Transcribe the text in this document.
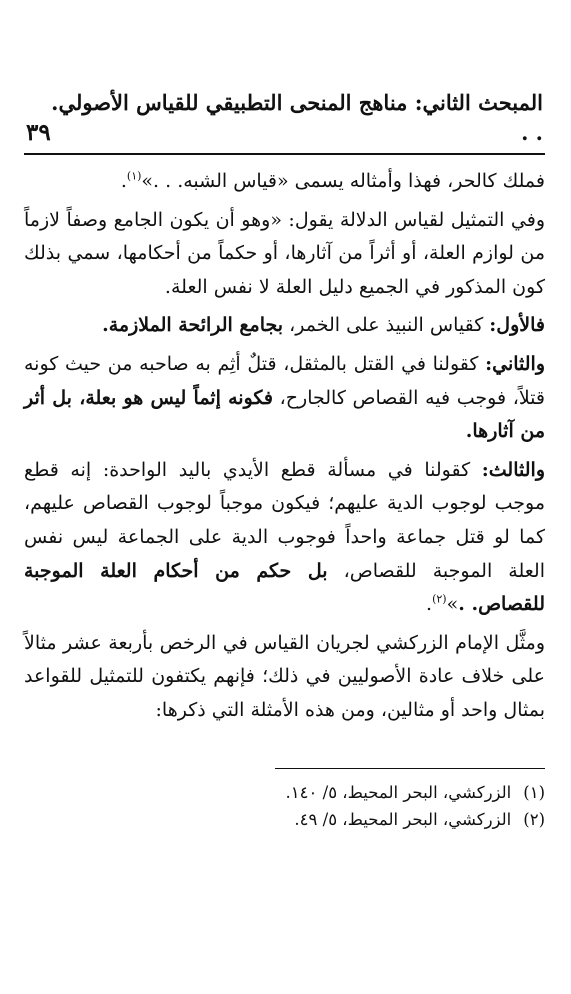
المبحث الثاني: مناهج المنحى التطبيقي للقياس الأصولي. . .
٣٩

فملك كالحر، فهذا وأمثاله يسمى «قياس الشبه. . .»$^{(١)}$.

وفي التمثيل لقياس الدلالة يقول: «وهو أن يكون الجامع وصفاً لازماً من لوازم العلة، أو أثراً من آثارها، أو حكماً من أحكامها، سمي بذلك كون المذكور في الجميع دليل العلة لا نفس العلة.

فالأول: كقياس النبيذ على الخمر، بجامع الرائحة الملازمة.

والثاني: كقولنا في القتل بالمثقل، قتلٌ أثِم به صاحبه من حيث كونه قتلاً، فوجب فيه القصاص كالجارح، فكونه إثماً ليس هو بعلة، بل أثر من آثارها.

والثالث: كقولنا في مسألة قطع الأيدي باليد الواحدة: إنه قطع موجب لوجوب الدية عليهم؛ فيكون موجباً لوجوب القصاص عليهم، كما لو قتل جماعة واحداً فوجوب الدية على الجماعة ليس نفس العلة الموجبة للقصاص، بل حكم من أحكام العلة الموجبة للقصاص. .»$^{(٢)}$.

ومثَّل الإمام الزركشي لجريان القياس في الرخص بأربعة عشر مثالاً على خلاف عادة الأصوليين في ذلك؛ فإنهم يكتفون للتمثيل للقواعد بمثال واحد أو مثالين، ومن هذه الأمثلة التي ذكرها:

(١)
الزركشي، البحر المحيط، ٥/ ١٤٠.
(٢)
الزركشي، البحر المحيط، ٥/ ٤٩.
